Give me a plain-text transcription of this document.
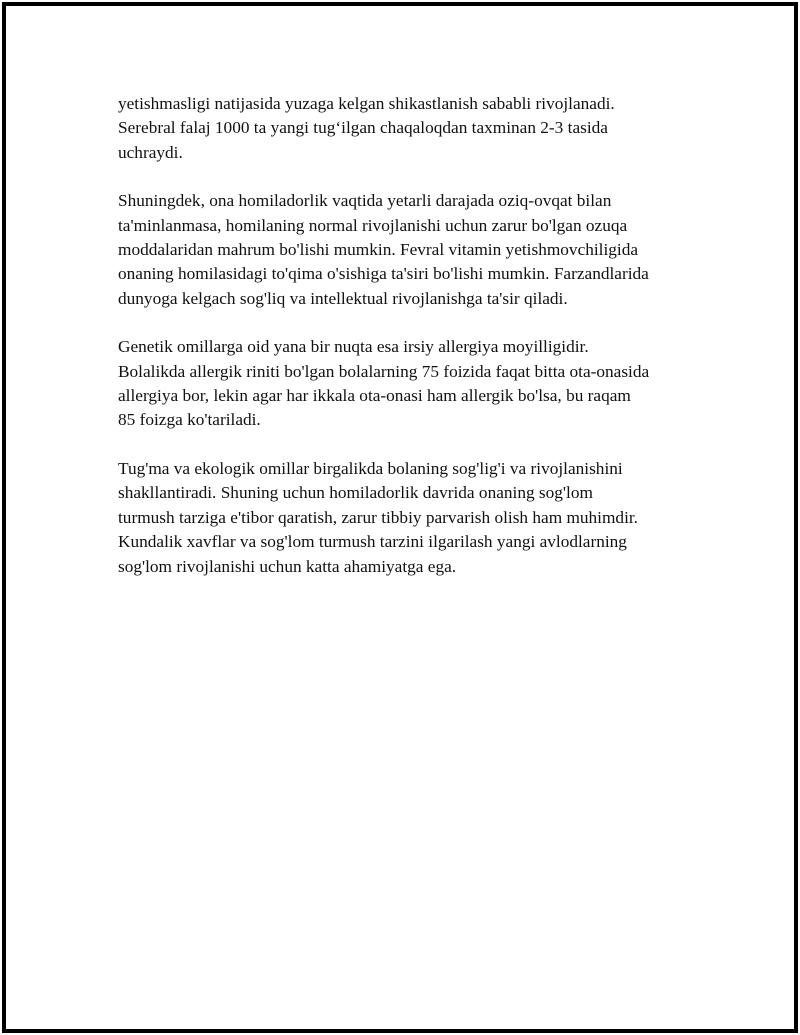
yetishmasligi natijasida yuzaga kelgan shikastlanish sababli rivojlanadi.
Serebral falaj 1000 ta yangi tug‘ilgan chaqaloqdan taxminan 2-3 tasida
uchraydi.

Shuningdek, ona homiladorlik vaqtida yetarli darajada oziq-ovqat bilan
ta'minlanmasa, homilaning normal rivojlanishi uchun zarur bo'lgan ozuqa
moddalaridan mahrum bo'lishi mumkin. Fevral vitamin yetishmovchiligida
onaning homilasidagi to'qima o'sishiga ta'siri bo'lishi mumkin. Farzandlarida
dunyoga kelgach sog'liq va intellektual rivojlanishga ta'sir qiladi.

Genetik omillarga oid yana bir nuqta esa irsiy allergiya moyilligidir.
Bolalikda allergik riniti bo'lgan bolalarning 75 foizida faqat bitta ota-onasida
allergiya bor, lekin agar har ikkala ota-onasi ham allergik bo'lsa, bu raqam
85 foizga ko'tariladi.

Tug'ma va ekologik omillar birgalikda bolaning sog'lig'i va rivojlanishini
shakllantiradi. Shuning uchun homiladorlik davrida onaning sog'lom
turmush tarziga e'tibor qaratish, zarur tibbiy parvarish olish ham muhimdir.
Kundalik xavflar va sog'lom turmush tarzini ilgarilash yangi avlodlarning
sog'lom rivojlanishi uchun katta ahamiyatga ega.
